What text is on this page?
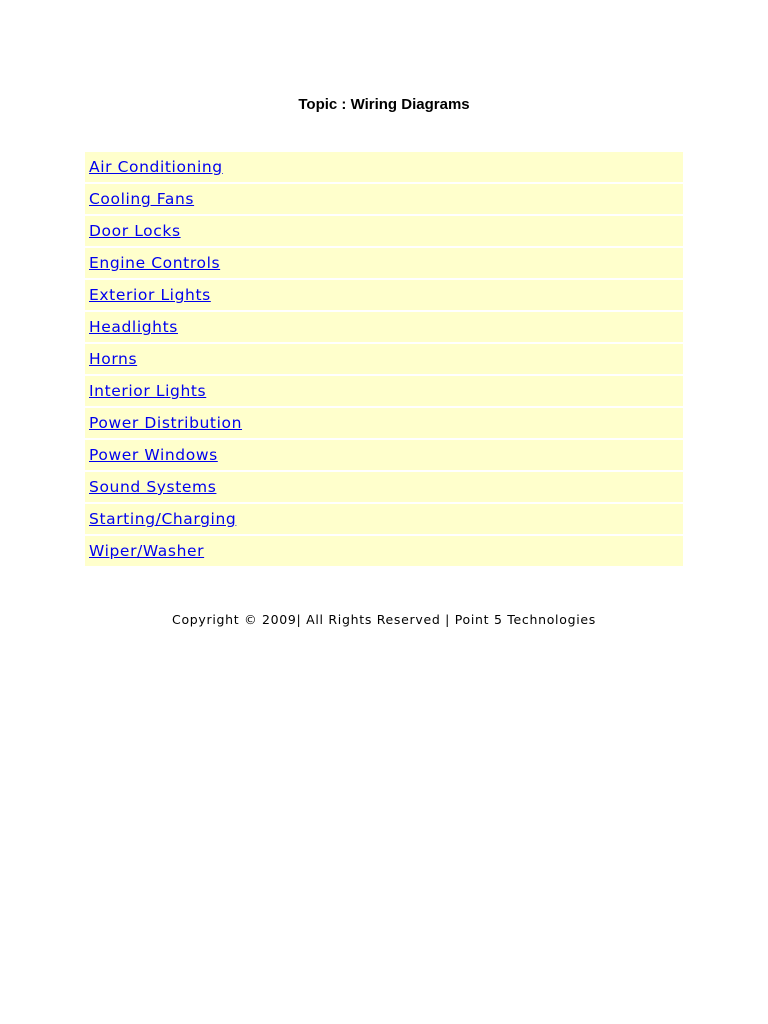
Topic : Wiring Diagrams
Air Conditioning
Cooling Fans
Door Locks
Engine Controls
Exterior Lights
Headlights
Horns
Interior Lights
Power Distribution
Power Windows
Sound Systems
Starting/Charging
Wiper/Washer

Copyright © 2009| All Rights Reserved | Point 5 Technologies
